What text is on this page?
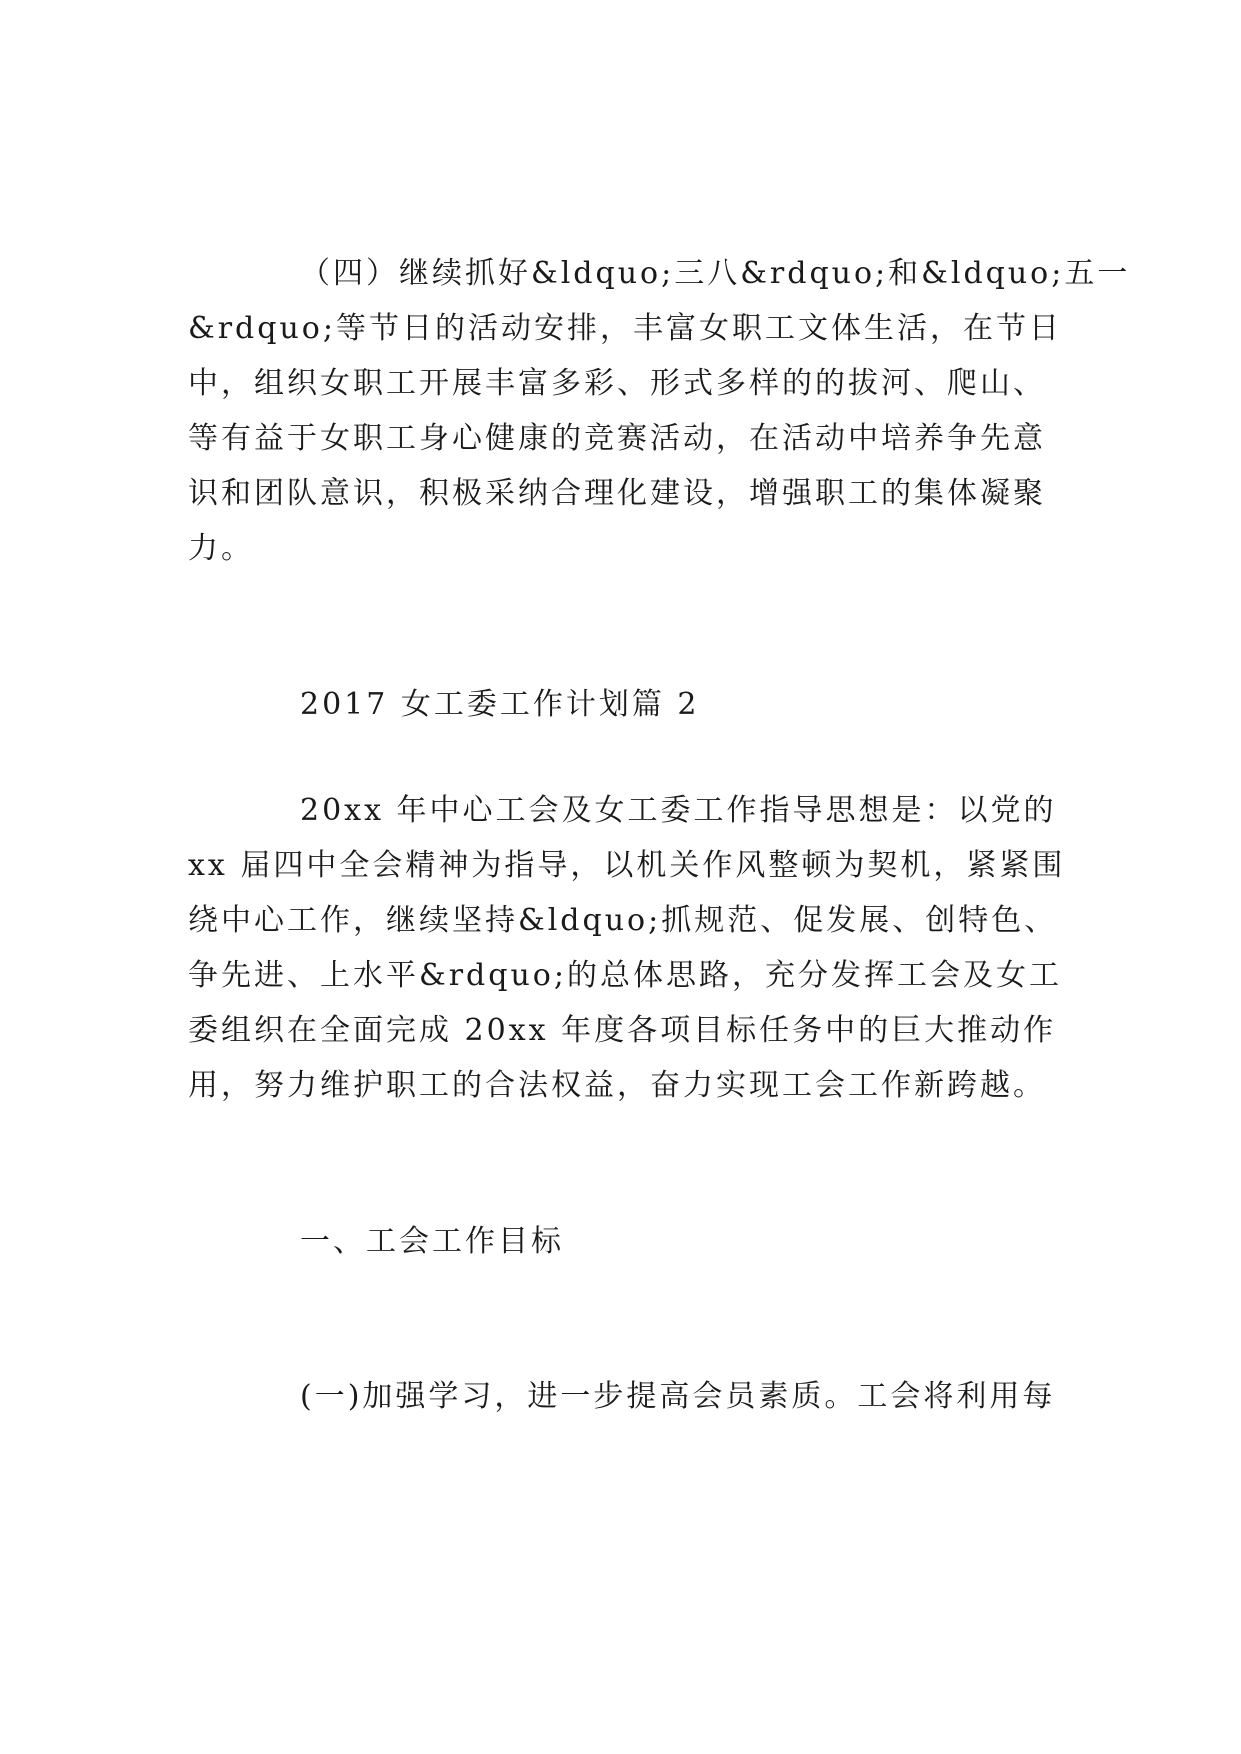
（四）继续抓好&ldquo;三八&rdquo;和&ldquo;五一
&rdquo;等节日的活动安排，丰富女职工文体生活，在节日
中，组织女职工开展丰富多彩、形式多样的的拔河、爬山、
等有益于女职工身心健康的竞赛活动，在活动中培养争先意
识和团队意识，积极采纳合理化建设，增强职工的集体凝聚
力。
2017 女工委工作计划篇 2
20xx 年中心工会及女工委工作指导思想是：以党的
xx 届四中全会精神为指导，以机关作风整顿为契机，紧紧围
绕中心工作，继续坚持&ldquo;抓规范、促发展、创特色、
争先进、上水平&rdquo;的总体思路，充分发挥工会及女工
委组织在全面完成 20xx 年度各项目标任务中的巨大推动作
用，努力维护职工的合法权益，奋力实现工会工作新跨越。
一、工会工作目标
(一)加强学习，进一步提高会员素质。工会将利用每
